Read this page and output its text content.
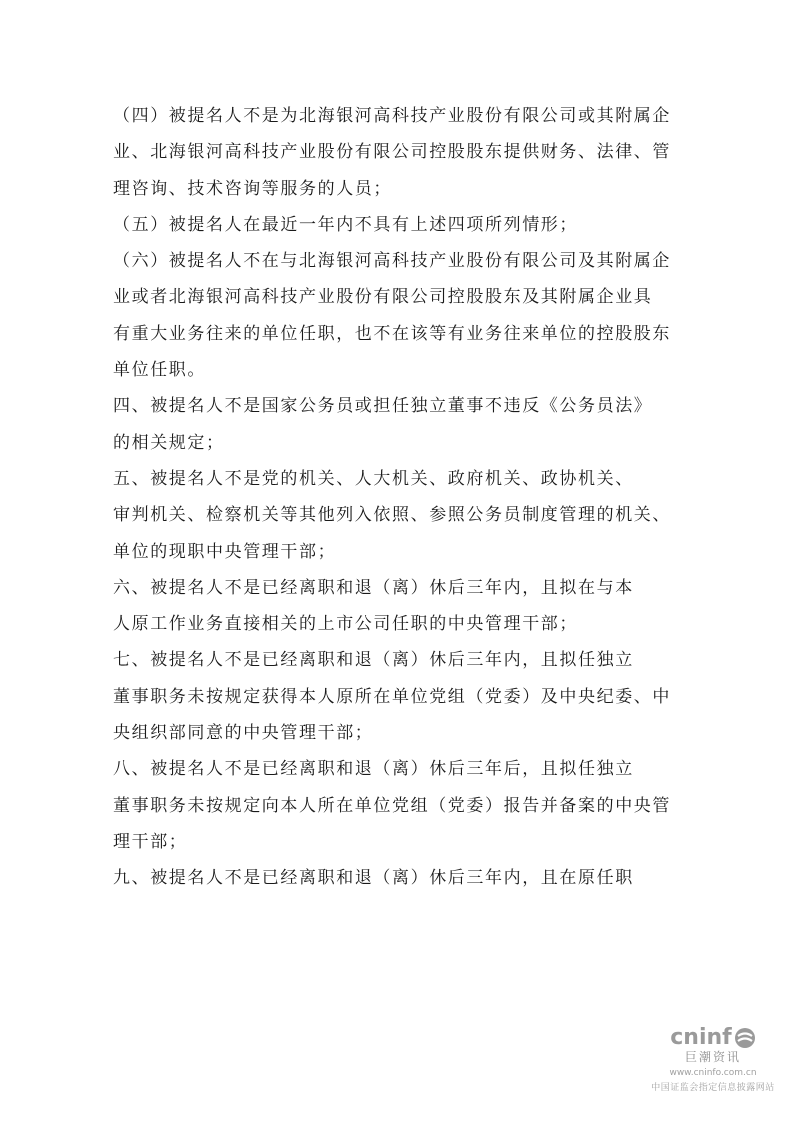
（四）被提名人不是为北海银河高科技产业股份有限公司或其附属企
业、北海银河高科技产业股份有限公司控股股东提供财务、法律、管
理咨询、技术咨询等服务的人员；
（五）被提名人在最近一年内不具有上述四项所列情形；
（六）被提名人不在与北海银河高科技产业股份有限公司及其附属企
业或者北海银河高科技产业股份有限公司控股股东及其附属企业具
有重大业务往来的单位任职，也不在该等有业务往来单位的控股股东
单位任职。
四、被提名人不是国家公务员或担任独立董事不违反《公务员法》
的相关规定；
五、被提名人不是党的机关、人大机关、政府机关、政协机关、
审判机关、检察机关等其他列入依照、参照公务员制度管理的机关、
单位的现职中央管理干部；
六、被提名人不是已经离职和退（离）休后三年内，且拟在与本
人原工作业务直接相关的上市公司任职的中央管理干部；
七、被提名人不是已经离职和退（离）休后三年内，且拟任独立
董事职务未按规定获得本人原所在单位党组（党委）及中央纪委、中
央组织部同意的中央管理干部；
八、被提名人不是已经离职和退（离）休后三年后，且拟任独立
董事职务未按规定向本人所在单位党组（党委）报告并备案的中央管
理干部；
九、被提名人不是已经离职和退（离）休后三年内，且在原任职
cninf
巨潮资讯
www.cninfo.com.cn
中国证监会指定信息披露网站
